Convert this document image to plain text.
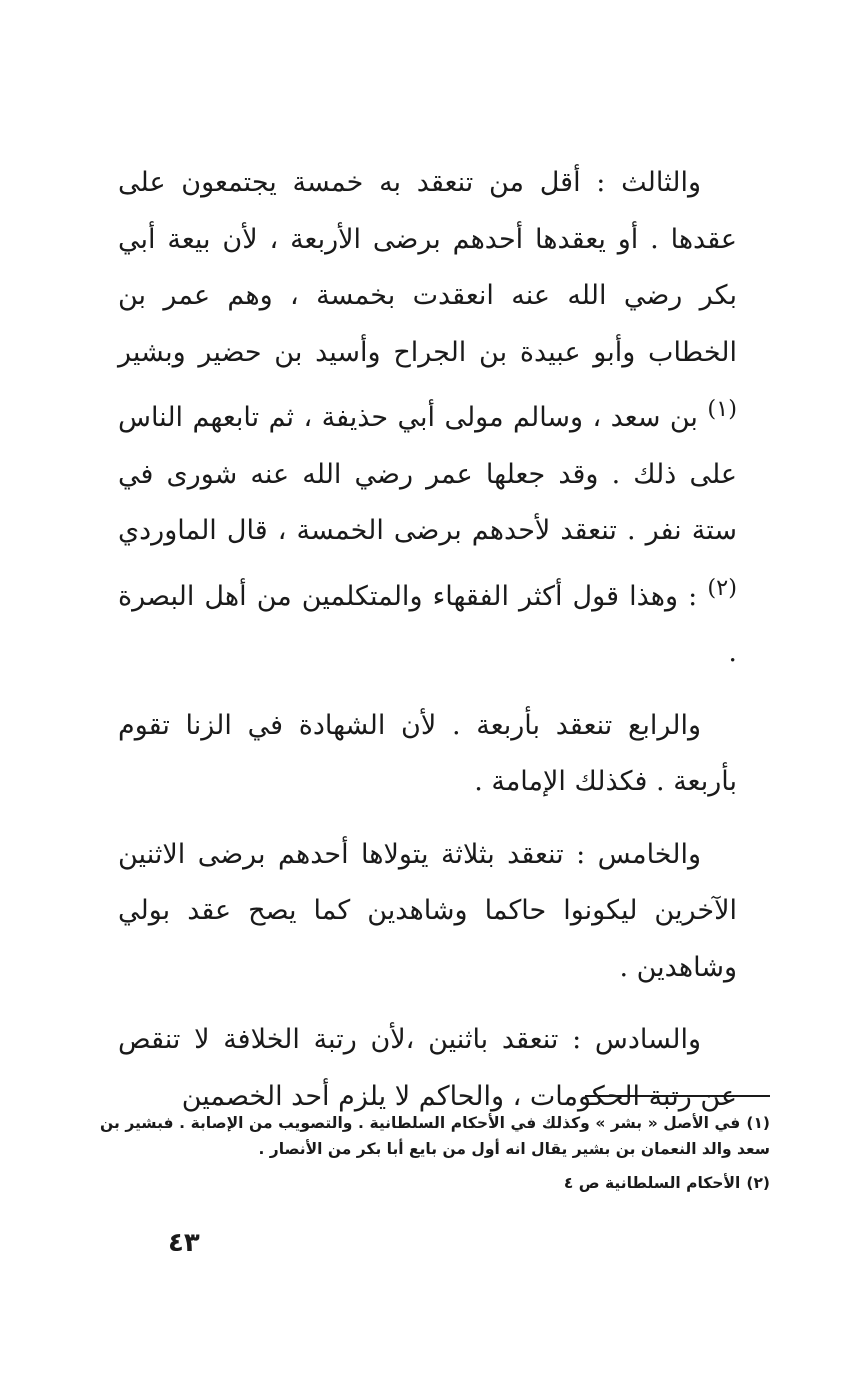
والثالث : أقل من تنعقد به خمسة يجتمعون على عقدها . أو يعقدها أحدهم برضى الأربعة ، لأن بيعة أبي بكر رضي الله عنه انعقدت بخمسة ، وهم عمر بن الخطاب وأبو عبيدة بن الجراح وأسيد بن حضير وبشير $^{(١)}$ بن سعد ، وسالم مولى أبي حذيفة ، ثم تابعهم الناس على ذلك . وقد جعلها عمر رضي الله عنه شورى في ستة نفر . تنعقد لأحدهم برضى الخمسة ، قال الماوردي $^{(٢)}$ : وهذا قول أكثر الفقهاء والمتكلمين من أهل البصرة .

والرابع تنعقد بأربعة . لأن الشهادة في الزنا تقوم بأربعة . فكذلك الإمامة .

والخامس : تنعقد بثلاثة يتولاها أحدهم برضى الاثنين الآخرين ليكونوا حاكما وشاهدين كما يصح عقد بولي وشاهدين .

والسادس : تنعقد باثنين ،لأن رتبة الخلافة لا تنقص عن رتبة الحكومات ، والحاكم لا يلزم أحد الخصمين

(١)في الأصل « بشر » وكذلك في الأحكام السلطانية . والتصويب من الإصابة . فبشير بن سعد والد النعمان بن بشير يقال انه أول من بايع أبا بكر من الأنصار .

(٢)الأحكام السلطانية ص ٤

٤٣
